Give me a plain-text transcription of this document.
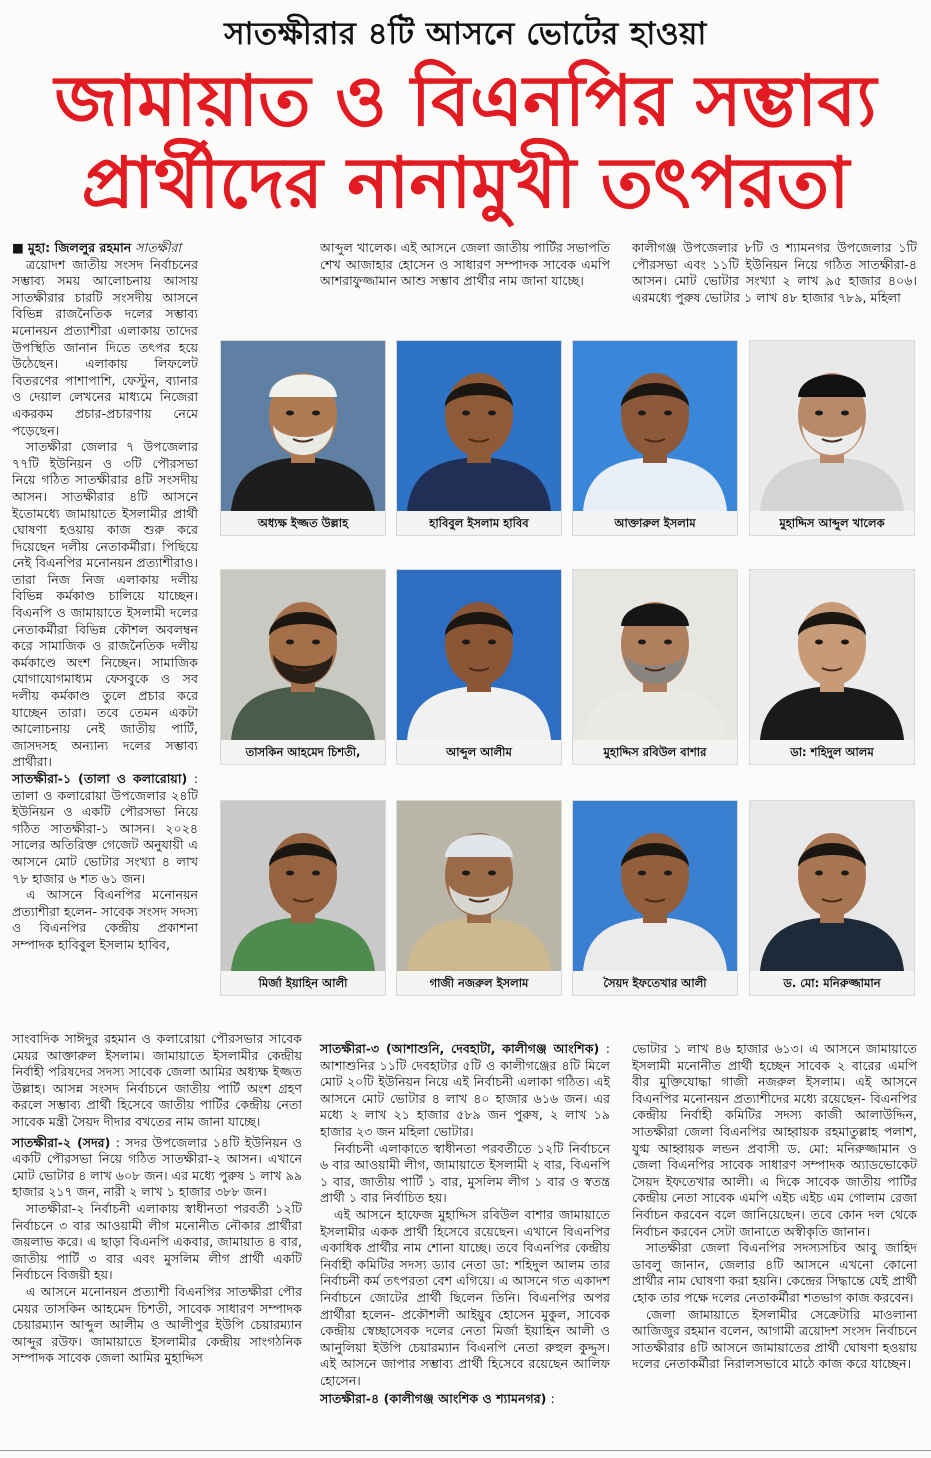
সাতক্ষীরার ৪টি আসনে ভোটের হাওয়া
জামায়াত ও বিএনপির সম্ভাব্য
প্রার্থীদের নানামুখী তৎপরতা

■ মুহা: জিললুর রহমান সাতক্ষীরা

ত্রয়োদশ জাতীয় সংসদ নির্বাচনের সম্ভাব্য সময় আলোচনায় আসায় সাতক্ষীরার চারটি সংসদীয় আসনে বিভিন্ন রাজনৈতিক দলের সম্ভাব্য মনোনয়ন প্রত্যাশীরা এলাকায় তাদের উপস্থিতি জানান দিতে তৎপর হয়ে উঠেছেন। এলাকায় লিফলেট বিতরণের পাশাপাশি, ফেস্টুন, ব্যানার ও দেয়াল লেখনের মাধ্যমে নিজেরা একরকম প্রচার-প্রচারণায় নেমে পড়েছেন।

সাতক্ষীরা জেলার ৭ উপজেলার ৭৭টি ইউনিয়ন ও ৩টি পৌরসভা নিয়ে গঠিত সাতক্ষীরার ৪টি সংসদীয় আসন। সাতক্ষীরার ৪টি আসনে ইতোমধ্যে জামায়াতে ইসলামীর প্রার্থী ঘোষণা হওয়ায় কাজ শুরু করে দিয়েছেন দলীয় নেতাকর্মীরা। পিছিয়ে নেই বিএনপির মনোনয়ন প্রত্যাশীরাও। তারা নিজ নিজ এলাকায় দলীয় বিভিন্ন কর্মকাণ্ড চালিয়ে যাচ্ছেন। বিএনপি ও জামায়াতে ইসলামী দলের নেতাকর্মীরা বিভিন্ন কৌশল অবলম্বন করে সামাজিক ও রাজনৈতিক দলীয় কর্মকাণ্ডে অংশ নিচ্ছেন। সামাজিক যোগাযোগমাধ্যম ফেসবুকে ও সব দলীয় কর্মকাণ্ড তুলে প্রচার করে যাচ্ছেন তারা। তবে তেমন একটা আলোচনায় নেই জাতীয় পার্টি, জাসদসহ অন্যান্য দলের সম্ভাব্য প্রার্থীরা।

সাতক্ষীরা-১ (তালা ও কলারোয়া) : তালা ও কলারোয়া উপজেলার ২৪টি ইউনিয়ন ও একটি পৌরসভা নিয়ে গঠিত সাতক্ষীরা-১ আসন। ২০২৪ সালের অতিরিক্ত গেজেট অনুযায়ী এ আসনে মোট ভোটার সংখ্যা ৪ লাখ ৭৮ হাজার ৬ শত ৬১ জন।

এ আসনে বিএনপির মনোনয়ন প্রত্যাশীরা হলেন- সাবেক সংসদ সদস্য ও বিএনপির কেন্দ্রীয় প্রকাশনা সম্পাদক হাবিবুল ইসলাম হাবিব,

আব্দুল খালেক। এই আসনে জেলা জাতীয় পার্টির সভাপতি শেখ আজাহার হোসেন ও সাধারণ সম্পাদক সাবেক এমপি আশরাফুজ্জামান আশু সম্ভাব প্রার্থীর নাম জানা যাচ্ছে।

কালীগঞ্জ উপজেলার ৮টি ও শ্যামনগর উপজেলার ১টি পৌরসভা এবং ১১টি ইউনিয়ন নিয়ে গঠিত সাতক্ষীরা-৪ আসন। মোট ভোটার সংখ্যা ২ লাখ ৯৫ হাজার ৪০৬। এরমধ্যে পুরুষ ভোটার ১ লাখ ৪৮ হাজার ৭৮৯, মহিলা

অধ্যক্ষ ইজ্জত উল্লাহ	হাবিবুল ইসলাম হাবিব	আক্তারুল ইসলাম	মুহাদ্দিস আব্দুল খালেক
তাসকিন আহমেদ চিশতী,	আব্দুল আলীম	মুহাদ্দিস রবিউল বাশার	ডা: শহিদুল আলম
মির্জা ইয়াহিন আলী	গাজী নজরুল ইসলাম	সৈয়দ ইফতেখার আলী	ড. মো: মনিরুজ্জামান

সাংবাদিক সাঈদুর রহমান ও কলারোয়া পৌরসভার সাবেক মেয়র আক্তারুল ইসলাম। জামায়াতে ইসলামীর কেন্দ্রীয় নির্বাহী পরিষদের সদস্য সাবেক জেলা আমির অধ্যক্ষ ইজ্জত উল্লাহ। আসন্ন সংসদ নির্বাচনে জাতীয় পার্টি অংশ গ্রহণ করলে সম্ভাব্য প্রার্থী হিসেবে জাতীয় পার্টির কেন্দ্রীয় নেতা সাবেক মন্ত্রী সৈয়দ দীদার বখতের নাম জানা যাচ্ছে।

সাতক্ষীরা-২ (সদর) : সদর উপজেলার ১৪টি ইউনিয়ন ও একটি পৌরসভা নিয়ে গঠিত সাতক্ষীরা-২ আসন। এখানে মোট ভোটার ৪ লাখ ৬০৮ জন। এর মধ্যে পুরুষ ১ লাখ ৯৯ হাজার ২১৭ জন, নারী ২ লাখ ১ হাজার ৩৮৮ জন।

সাতক্ষীরা-২ নির্বাচনী এলাকায় স্বাধীনতা পরবর্তী ১২টি নির্বাচনে ৩ বার আওয়ামী লীগ মনোনীত নৌকার প্রার্থীরা জয়লাভ করে। এ ছাড়া বিএনপি একবার, জামায়াত ৪ বার, জাতীয় পার্টি ৩ বার এবং মুসলিম লীগ প্রার্থী একটি নির্বাচনে বিজয়ী হয়।

এ আসনে মনোনয়ন প্রত্যাশী বিএনপির সাতক্ষীরা পৌর মেয়র তাসকিন আহমেদ চিশতী, সাবেক সাধারণ সম্পাদক চেয়ারম্যান আব্দুল আলীম ও আলীপুর ইউপি চেয়ারম্যান আব্দুর রউফ। জামায়াতে ইসলামীর কেন্দ্রীয় সাংগঠনিক সম্পাদক সাবেক জেলা আমির মুহাদ্দিস

সাতক্ষীরা-৩ (আশাশুনি, দেবহাটা, কালীগঞ্জ আংশিক) : আশাশুনির ১১টি দেবহাটার ৫টি ও কালীগঞ্জের ৪টি মিলে মোট ২০টি ইউনিয়ন নিয়ে এই নির্বাচনী এলাকা গঠিত। এই আসনে মোট ভোটার ৪ লাখ ৪০ হাজার ৬১৬ জন। এর মধ্যে ২ লাখ ২১ হাজার ৫৮৯ জন পুরুষ, ২ লাখ ১৯ হাজার ২৩ জন মহিলা ভোটার।

নির্বাচনী এলাকাতে স্বাধীনতা পরবর্তীতে ১২টি নির্বাচনে ৬ বার আওয়ামী লীগ, জামায়াতে ইসলামী ২ বার, বিএনপি ১ বার, জাতীয় পার্টি ১ বার, মুসলিম লীগ ১ বার ও স্বতন্ত্র প্রার্থী ১ বার নির্বাচিত হয়।

এই আসনে হাফেজ মুহাদ্দিস রবিউল বাশার জামায়াতে ইসলামীর একক প্রার্থী হিসেবে রয়েছেন। এখানে বিএনপির একাধিক প্রার্থীর নাম শোনা যাচ্ছে। তবে বিএনপির কেন্দ্রীয় নির্বাহী কমিটির সদস্য ড্যাব নেতা ডা: শহিদুল আলম তার নির্বাচনী কর্ম তৎপরতা বেশ এগিয়ে। এ আসনে গত একাদশ নির্বাচনে জোটের প্রার্থী ছিলেন তিনি। বিএনপির অপর প্রার্থীরা হলেন- প্রকৌশলী আইয়ুব হোসেন মুকুল, সাবেক কেন্দ্রীয় স্বেচ্ছাসেবক দলের নেতা মির্জা ইয়াহিন আলী ও আনুলিয়া ইউপি চেয়ারম্যান বিএনপি নেতা রুহুল কুদ্দুস। এই আসনে জাপার সম্ভাব্য প্রার্থী হিসেবে রয়েছেন আলিফ হোসেন।

সাতক্ষীরা-৪ (কালীগঞ্জ আংশিক ও শ্যামনগর) :

ভোটার ১ লাখ ৪৬ হাজার ৬১৩। এ আসনে জামায়াতে ইসলামী মনোনীত প্রার্থী হচ্ছেন সাবেক ২ বারের এমপি বীর মুক্তিযোদ্ধা গাজী নজরুল ইসলাম। এই আসনে বিএনপির মনোনয়ন প্রত্যাশীদের মধ্যে রয়েছেন- বিএনপির কেন্দ্রীয় নির্বাহী কমিটির সদস্য কাজী আলাউদ্দিন, সাতক্ষীরা জেলা বিএনপির আহ্বায়ক রহমাতুল্লাহ পলাশ, যুগ্ম আহ্বায়ক লন্ডন প্রবাসী ড. মো: মনিরুজ্জামান ও জেলা বিএনপির সাবেক সাধারণ সম্পাদক অ্যাডভোকেট সৈয়দ ইফতেখার আলী। এ দিকে সাবেক জাতীয় পার্টির কেন্দ্রীয় নেতা সাবেক এমপি এইচ এইচ এম গোলাম রেজা নির্বাচন করবেন বলে জানিয়েছেন। তবে কোন দল থেকে নির্বাচন করবেন সেটা জানাতে অস্বীকৃতি জানান।

সাতক্ষীরা জেলা বিএনপির সদস্যসচিব আবু জাহিদ ডাবলু জানান, জেলার ৪টি আসনে এখনো কোনো প্রার্থীর নাম ঘোষণা করা হয়নি। কেন্দ্রের সিদ্ধান্তে যেই প্রার্থী হোক তার পক্ষে দলের নেতাকর্মীরা শতভাগ কাজ করবেন।

জেলা জামায়াতে ইসলামীর সেক্রেটারি মাওলানা আজিজুর রহমান বলেন, আগামী ত্রয়োদশ সংসদ নির্বাচনে সাতক্ষীরার ৪টি আসনে জামায়াতের প্রার্থী ঘোষণা হওয়ায় দলের নেতাকর্মীরা নিরালসভাবে মাঠে কাজ করে যাচ্ছেন।
